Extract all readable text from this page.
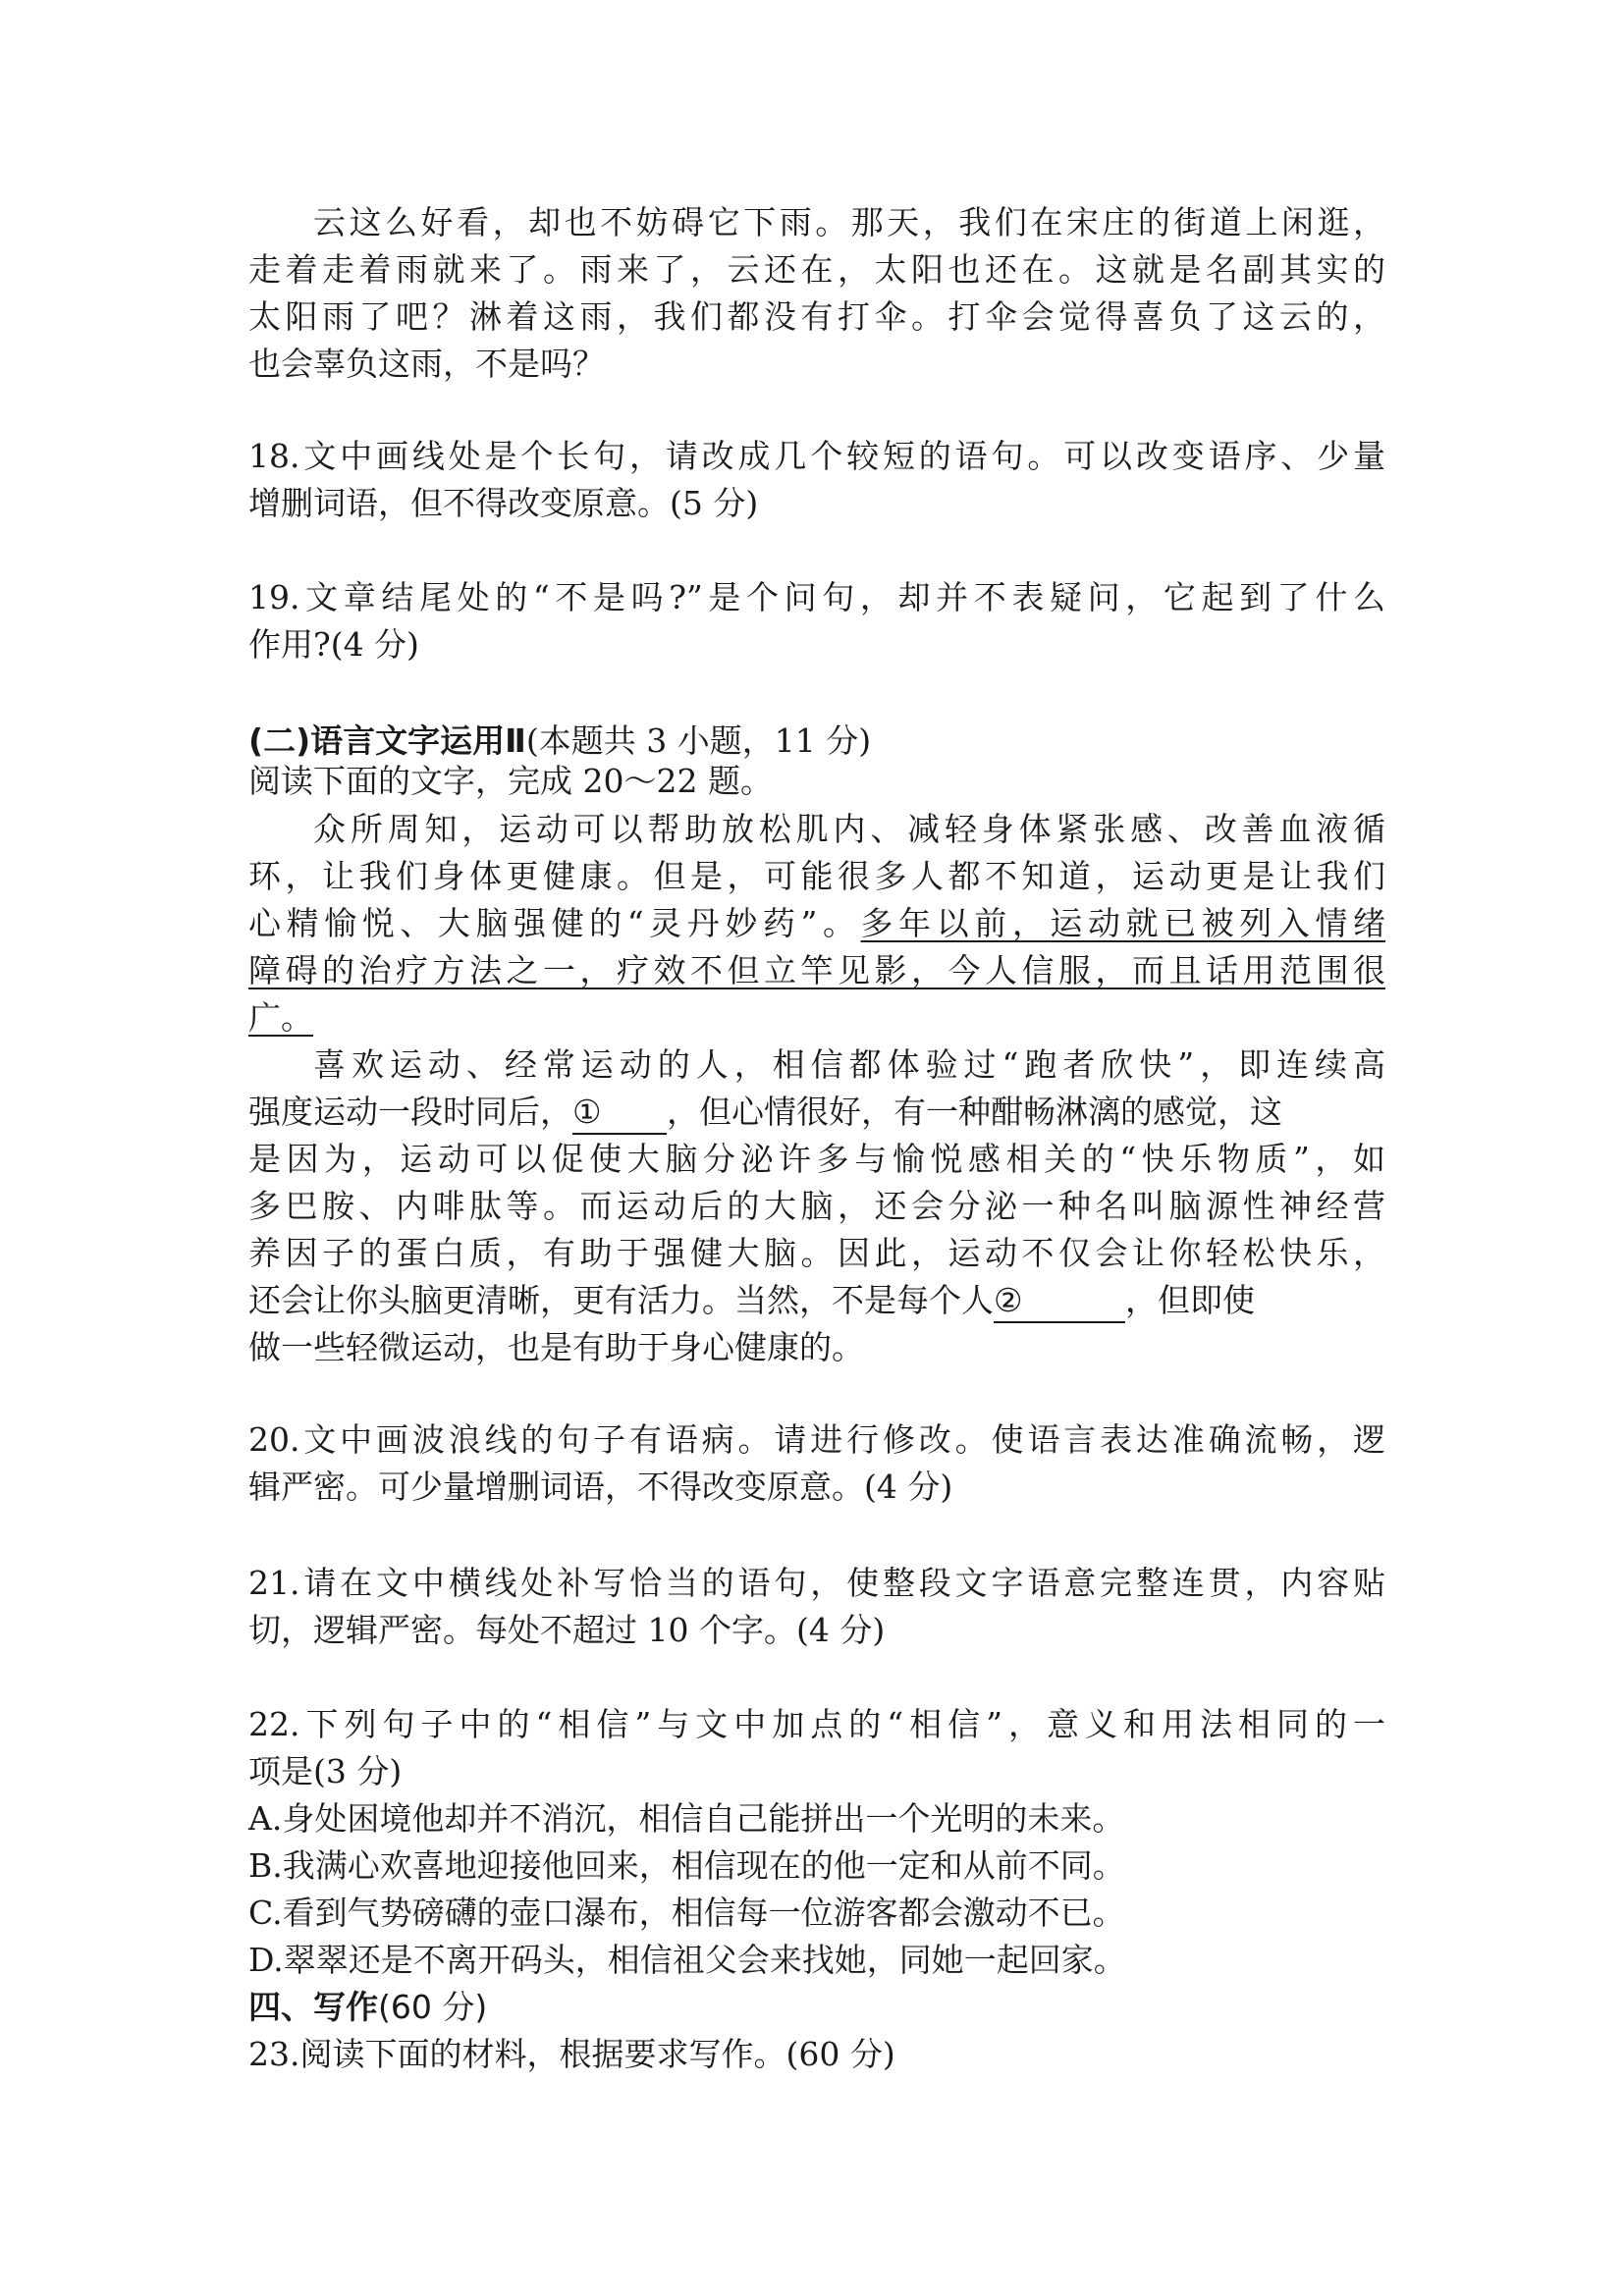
云这么好看，却也不妨碍它下雨。那天，我们在宋庄的街道上闲逛，
走着走着雨就来了。雨来了，云还在，太阳也还在。这就是名副其实的
太阳雨了吧？淋着这雨，我们都没有打伞。打伞会觉得喜负了这云的，
也会辜负这雨，不是吗？
18.文中画线处是个长句，请改成几个较短的语句。可以改变语序、少量
增删词语，但不得改变原意。(5 分)
19.文章结尾处的“不是吗?”是个问句，却并不表疑问，它起到了什么
作用?(4 分)
(二)语言文字运用Ⅱ(本题共 3 小题，11 分)
阅读下面的文字，完成 20～22 题。
众所周知，运动可以帮助放松肌内、减轻身体紧张感、改善血液循
环，让我们身体更健康。但是，可能很多人都不知道，运动更是让我们
心精愉悦、大脑强健的“灵丹妙药”。多年以前，运动就已被列入情绪
障碍的治疗方法之一，疗效不但立竿见影，今人信服，而且话用范围很
广。
喜欢运动、经常运动的人，相信都体验过“跑者欣快”，即连续高
强度运动一段时同后，① ，但心情很好，有一种酣畅淋漓的感觉，这
是因为，运动可以促使大脑分泌许多与愉悦感相关的“快乐物质”，如
多巴胺、内啡肽等。而运动后的大脑，还会分泌一种名叫脑源性神经营
养因子的蛋白质，有助于强健大脑。因此，运动不仅会让你轻松快乐，
还会让你头脑更清晰，更有活力。当然，不是每个人②	，但即使
做一些轻微运动，也是有助于身心健康的。
20.文中画波浪线的句子有语病。请进行修改。使语言表达准确流畅，逻
辑严密。可少量增删词语，不得改变原意。(4 分)
21.请在文中横线处补写恰当的语句，使整段文字语意完整连贯，内容贴
切，逻辑严密。每处不超过 10 个字。(4 分)
22.下列句子中的“相信”与文中加点的“相信”，意义和用法相同的一
项是(3 分)
A.身处困境他却并不消沉，相信自己能拼出一个光明的未来。
B.我满心欢喜地迎接他回来，相信现在的他一定和从前不同。
C.看到气势磅礴的壶口瀑布，相信每一位游客都会激动不已。
D.翠翠还是不离开码头，相信祖父会来找她，同她一起回家。
四、写作(60 分)
23.阅读下面的材料，根据要求写作。(60 分)
